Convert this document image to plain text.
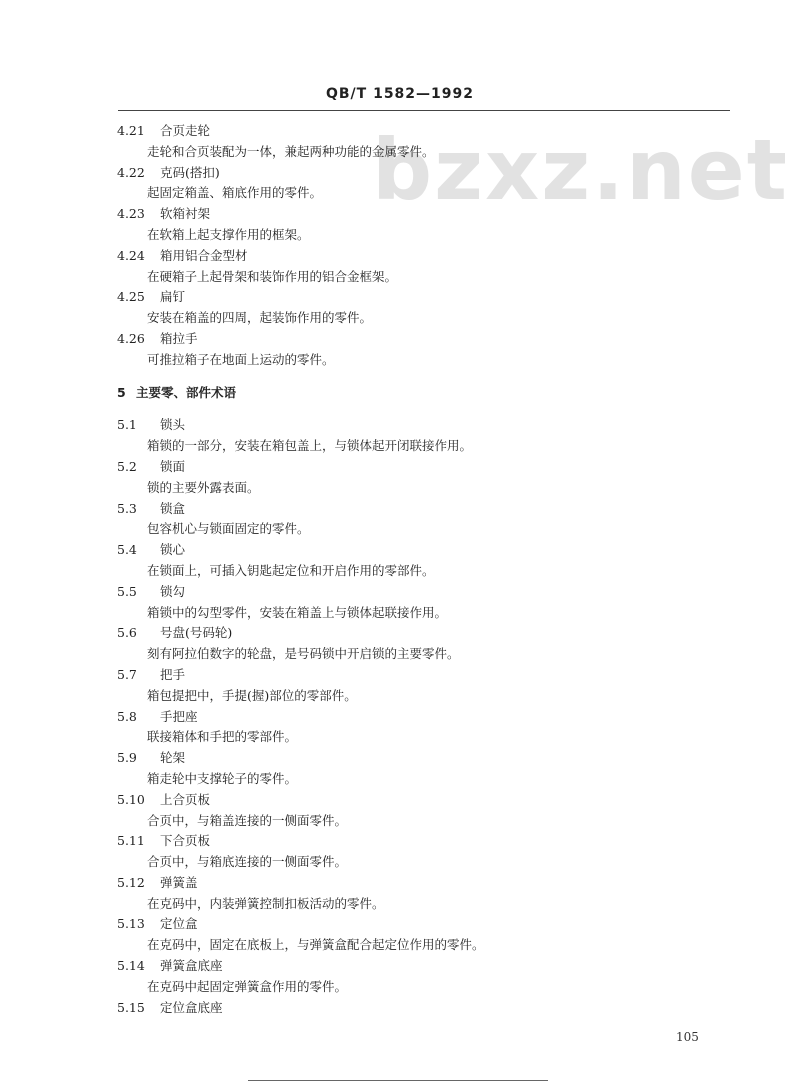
bzxz.net
QB/T 1582—1992
4.21 合页走轮
走轮和合页装配为一体，兼起两种功能的金属零件。
4.22 克码(搭扣)
起固定箱盖、箱底作用的零件。
4.23 软箱衬架
在软箱上起支撑作用的框架。
4.24 箱用铝合金型材
在硬箱子上起骨架和装饰作用的铝合金框架。
4.25 扁钉
安装在箱盖的四周，起装饰作用的零件。
4.26 箱拉手
可推拉箱子在地面上运动的零件。
5 主要零、部件术语
5.1 锁头
箱锁的一部分，安装在箱包盖上，与锁体起开闭联接作用。
5.2 锁面
锁的主要外露表面。
5.3 锁盒
包容机心与锁面固定的零件。
5.4 锁心
在锁面上，可插入钥匙起定位和开启作用的零部件。
5.5 锁勾
箱锁中的勾型零件，安装在箱盖上与锁体起联接作用。
5.6 号盘(号码轮)
刻有阿拉伯数字的轮盘，是号码锁中开启锁的主要零件。
5.7 把手
箱包提把中，手提(握)部位的零部件。
5.8 手把座
联接箱体和手把的零部件。
5.9 轮架
箱走轮中支撑轮子的零件。
5.10 上合页板
合页中，与箱盖连接的一侧面零件。
5.11 下合页板
合页中，与箱底连接的一侧面零件。
5.12 弹簧盖
在克码中，内装弹簧控制扣板活动的零件。
5.13 定位盒
在克码中，固定在底板上，与弹簧盒配合起定位作用的零件。
5.14 弹簧盒底座
在克码中起固定弹簧盒作用的零件。
5.15 定位盒底座
105
